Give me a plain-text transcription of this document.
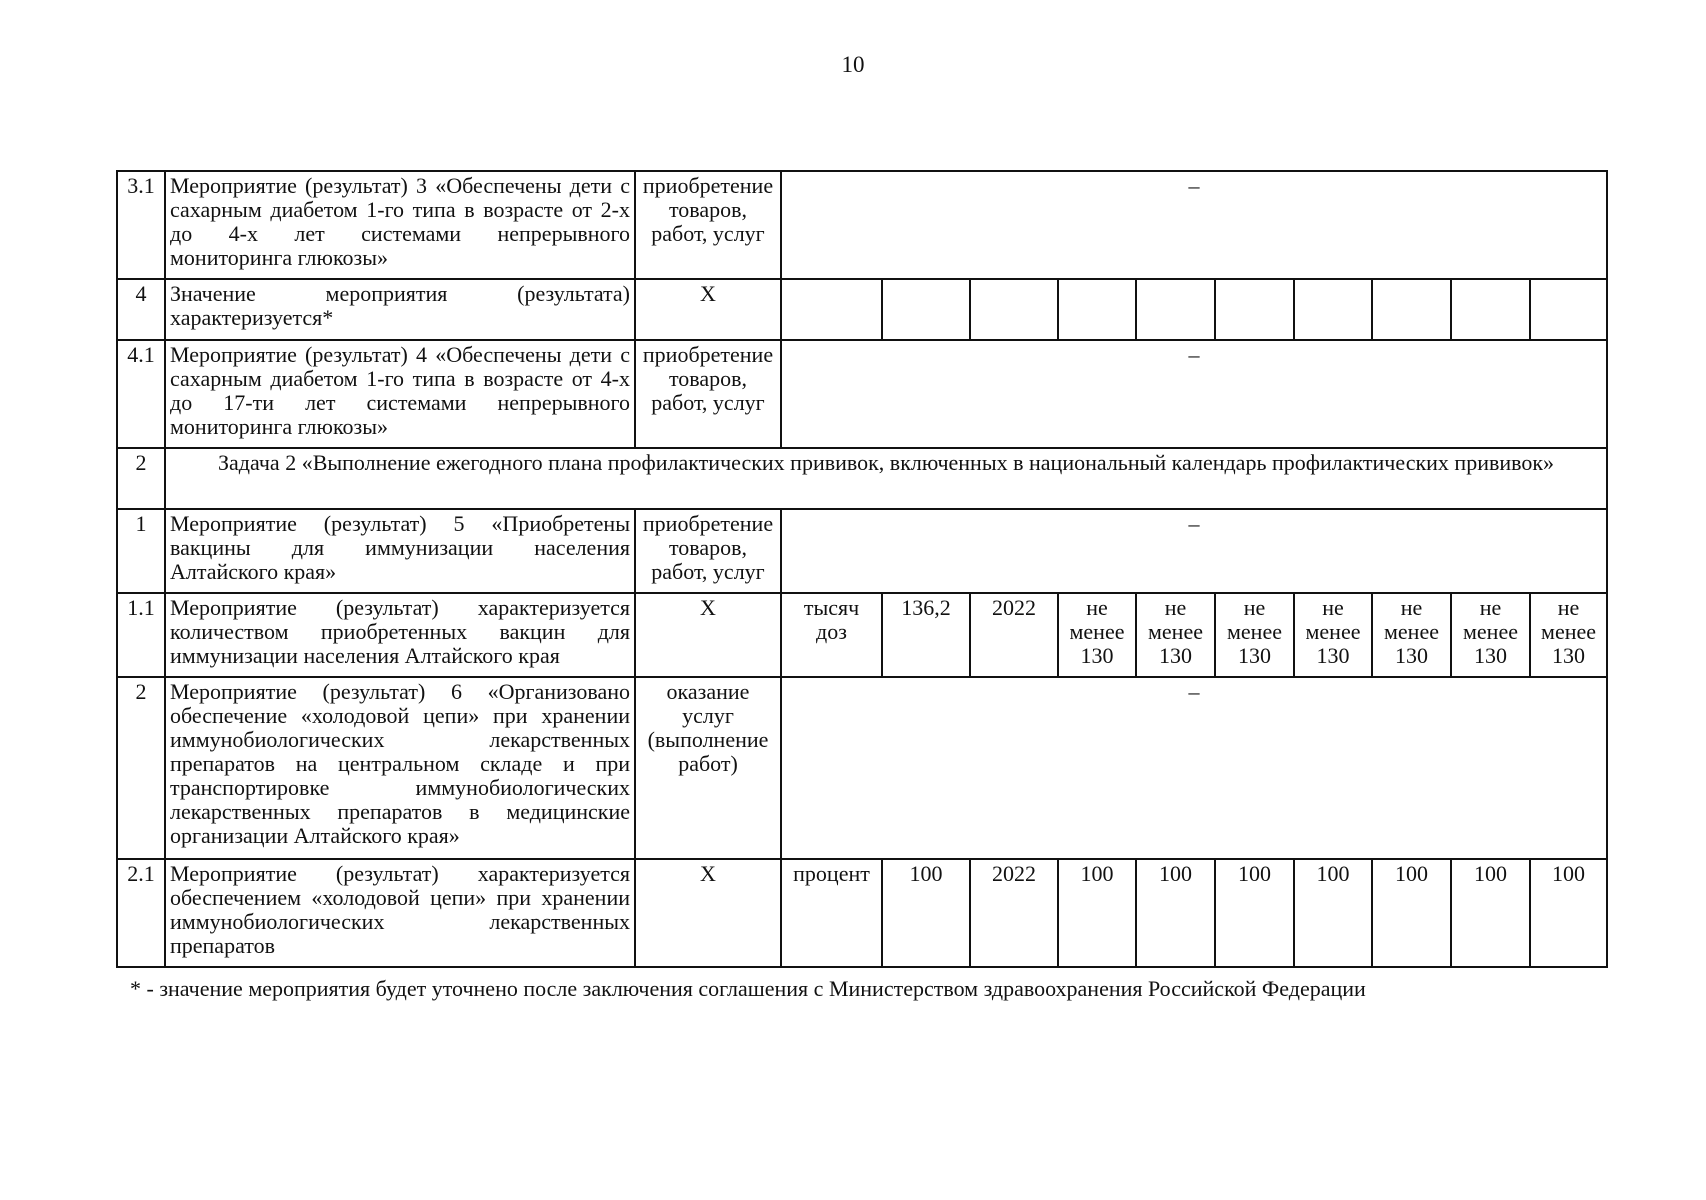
10
3.1	Мероприятие (результат) 3 «Обеспечены дети с сахарным диабетом 1-го типа в возрасте от 2-х до 4-х лет системами непрерывного мониторинга глюкозы»	приобретение товаров, работ, услуг	–									
4	Значение мероприятия (результата) характеризуется*	Х										
4.1	Мероприятие (результат) 4 «Обеспечены дети с сахарным диабетом 1-го типа в возрасте от 4-х до 17-ти лет системами непрерывного мониторинга глюкозы»	приобретение товаров, работ, услуг	–									
2	Задача 2 «Выполнение ежегодного плана профилактических прививок, включенных в национальный календарь профилактических прививок»											
1	Мероприятие (результат) 5 «Приобретены вакцины для иммунизации населения Алтайского края»	приобретение товаров, работ, услуг	–									
1.1	Мероприятие (результат) характеризуется количеством приобретенных вакцин для иммунизации населения Алтайского края	Х	тысяч доз	136,2	2022	не менее 130	не менее 130	не менее 130	не менее 130	не менее 130	не менее 130	не менее 130
2	Мероприятие (результат) 6 «Организовано обеспечение «холодовой цепи» при хранении иммунобиологических лекарственных препаратов на центральном складе и при транспортировке иммунобиологических лекарственных препаратов в медицинские организации Алтайского края»	оказание услуг (выполнение работ)	–									
2.1	Мероприятие (результат) характеризуется обеспечением «холодовой цепи» при хранении иммунобиологических лекарственных препаратов	Х	процент	100	2022	100	100	100	100	100	100	100
* - значение мероприятия будет уточнено после заключения соглашения с Министерством здравоохранения Российской Федерации
